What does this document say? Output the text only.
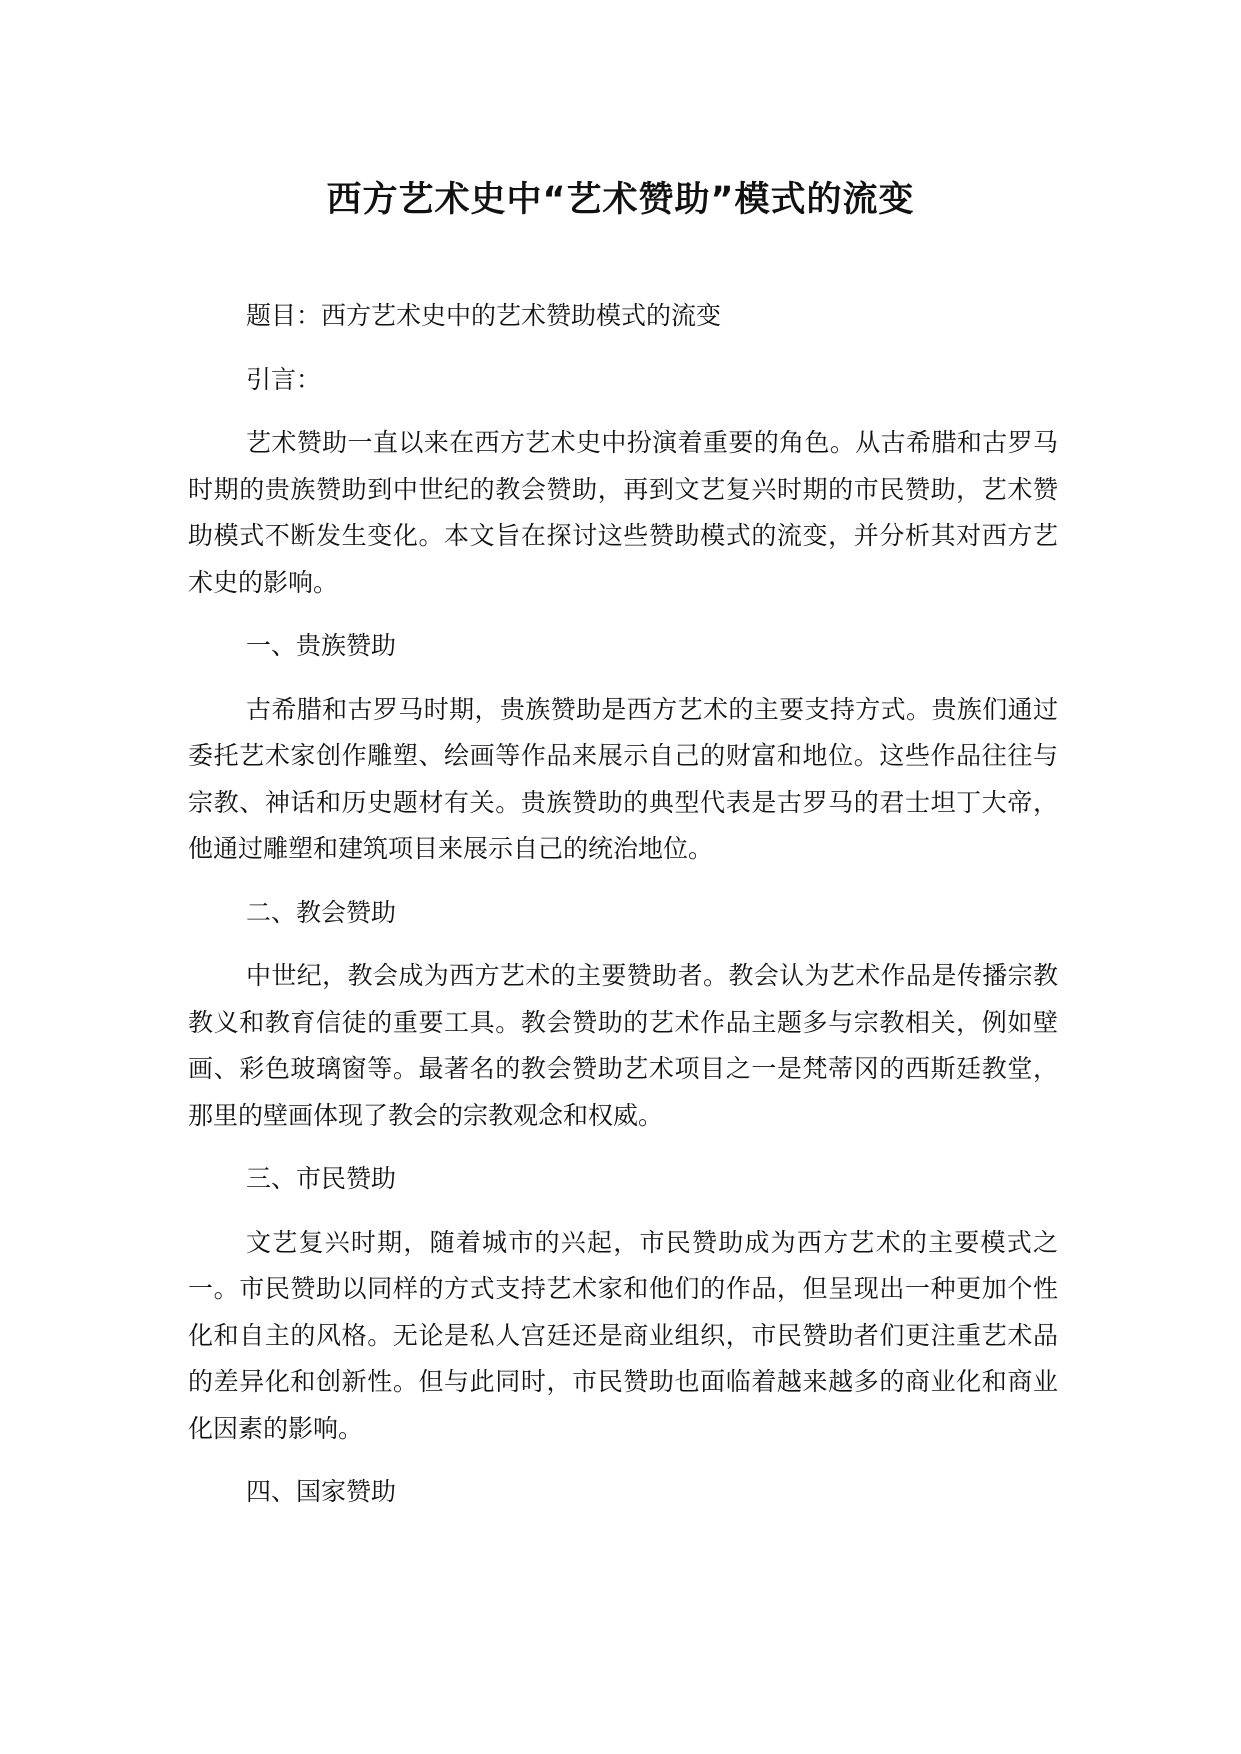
西方艺术史中“艺术赞助”模式的流变

题目：西方艺术史中的艺术赞助模式的流变

引言：

艺术赞助一直以来在西方艺术史中扮演着重要的角色。从古希腊和古罗马时期的贵族赞助到中世纪的教会赞助，再到文艺复兴时期的市民赞助，艺术赞助模式不断发生变化。本文旨在探讨这些赞助模式的流变，并分析其对西方艺术史的影响。

一、贵族赞助

古希腊和古罗马时期，贵族赞助是西方艺术的主要支持方式。贵族们通过委托艺术家创作雕塑、绘画等作品来展示自己的财富和地位。这些作品往往与宗教、神话和历史题材有关。贵族赞助的典型代表是古罗马的君士坦丁大帝，他通过雕塑和建筑项目来展示自己的统治地位。

二、教会赞助

中世纪，教会成为西方艺术的主要赞助者。教会认为艺术作品是传播宗教教义和教育信徒的重要工具。教会赞助的艺术作品主题多与宗教相关，例如壁画、彩色玻璃窗等。最著名的教会赞助艺术项目之一是梵蒂冈的西斯廷教堂，那里的壁画体现了教会的宗教观念和权威。

三、市民赞助

文艺复兴时期，随着城市的兴起，市民赞助成为西方艺术的主要模式之一。市民赞助以同样的方式支持艺术家和他们的作品，但呈现出一种更加个性化和自主的风格。无论是私人宫廷还是商业组织，市民赞助者们更注重艺术品的差异化和创新性。但与此同时，市民赞助也面临着越来越多的商业化和商业化因素的影响。

四、国家赞助
